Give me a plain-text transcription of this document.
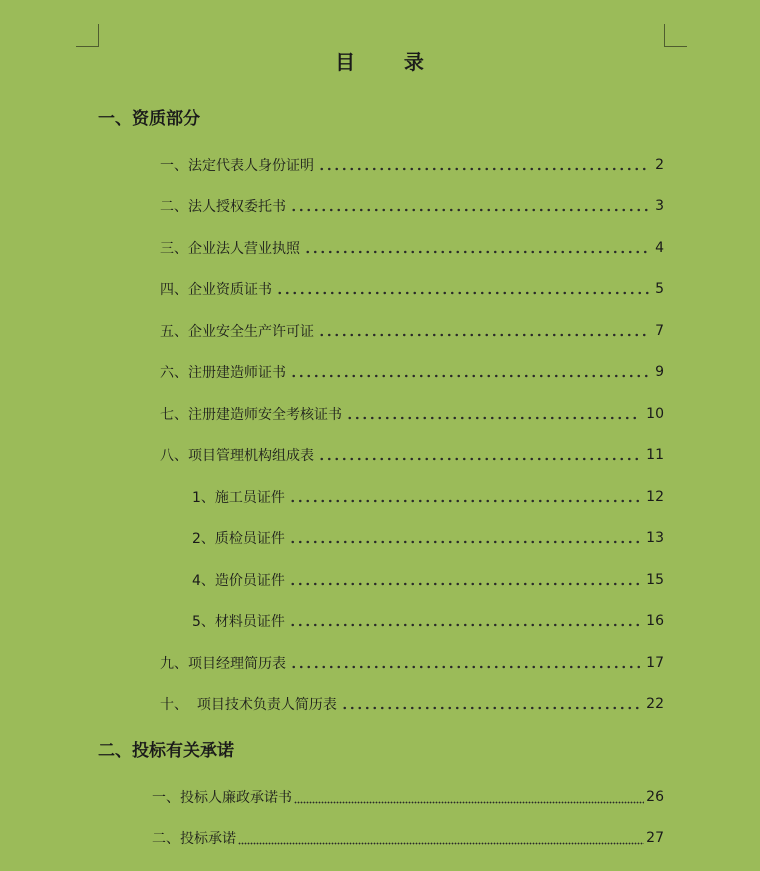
目      录
一、资质部分
一、法定代表人身份证明	2
二、法人授权委托书	3
三、企业法人营业执照	4
四、企业资质证书	5
五、企业安全生产许可证	7
六、注册建造师证书	9
七、注册建造师安全考核证书	10
八、项目管理机构组成表	11
1、施工员证件	12
2、质检员证件	13
4、造价员证件	15
5、材料员证件	16
九、项目经理简历表	17
十、  项目技术负责人简历表	22
二、投标有关承诺
一、投标人廉政承诺书	26
二、投标承诺	27
